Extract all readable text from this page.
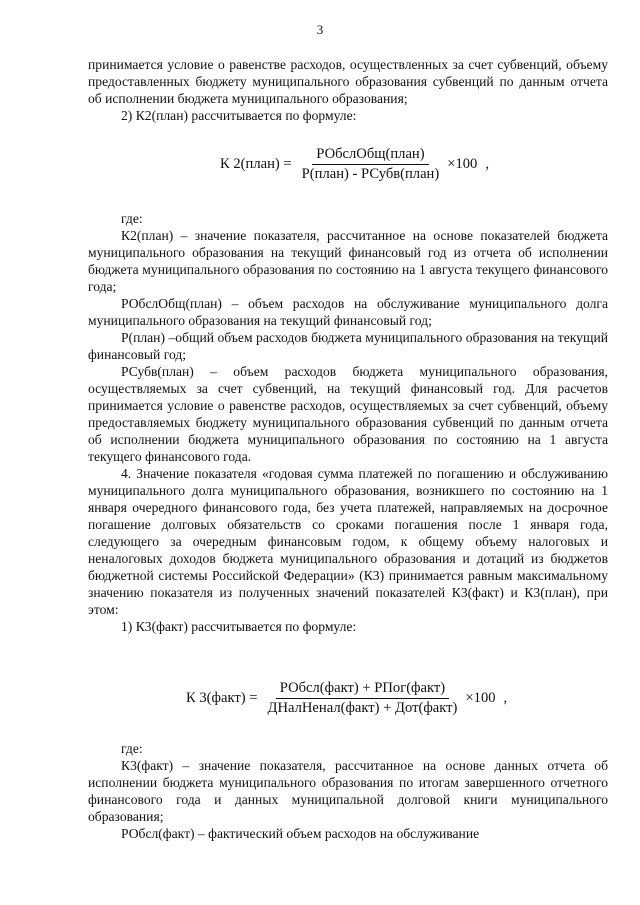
3

принимается условие о равенстве расходов, осуществленных за счет субвенций, объему предоставленных бюджету муниципального образования субвенций по данным отчета об исполнении бюджета муниципального образования;

2) К2(план) рассчитывается по формуле:

К 2(план) = $\frac{\text{РОбслОбщ(план)}}{\text{Р(план) - РСубв(план)}} \times 100$ ,

где:

К2(план) – значение показателя, рассчитанное на основе показателей бюджета муниципального образования на текущий финансовый год из отчета об исполнении бюджета муниципального образования по состоянию на 1 августа текущего финансового года;

РОбслОбщ(план) – объем расходов на обслуживание муниципального долга муниципального образования на текущий финансовый год;

Р(план) –общий объем расходов бюджета муниципального образования на текущий финансовый год;

РСубв(план) – объем расходов бюджета муниципального образования, осуществляемых за счет субвенций, на текущий финансовый год. Для расчетов принимается условие о равенстве расходов, осуществляемых за счет субвенций, объему предоставляемых бюджету муниципального образования субвенций по данным отчета об исполнении бюджета муниципального образования по состоянию на 1 августа текущего финансового года.

4. Значение показателя «годовая сумма платежей по погашению и обслуживанию муниципального долга муниципального образования, возникшего по состоянию на 1 января очередного финансового года, без учета платежей, направляемых на досрочное погашение долговых обязательств со сроками погашения после 1 января года, следующего за очередным финансовым годом, к общему объему налоговых и неналоговых доходов бюджета муниципального образования и дотаций из бюджетов бюджетной системы Российской Федерации» (К3) принимается равным максимальному значению показателя из полученных значений показателей К3(факт) и К3(план), при этом:

1) К3(факт) рассчитывается по формуле:

К 3(факт) = $\frac{\text{РОбсл(факт) + РПог(факт)}}{\text{ДНалНенал(факт) + Дот(факт)}} \times 100$ ,

где:

К3(факт) – значение показателя, рассчитанное на основе данных отчета об исполнении бюджета муниципального образования по итогам завершенного отчетного финансового года и данных муниципальной долговой книги муниципального образования;

РОбсл(факт) – фактический объем расходов на обслуживание
